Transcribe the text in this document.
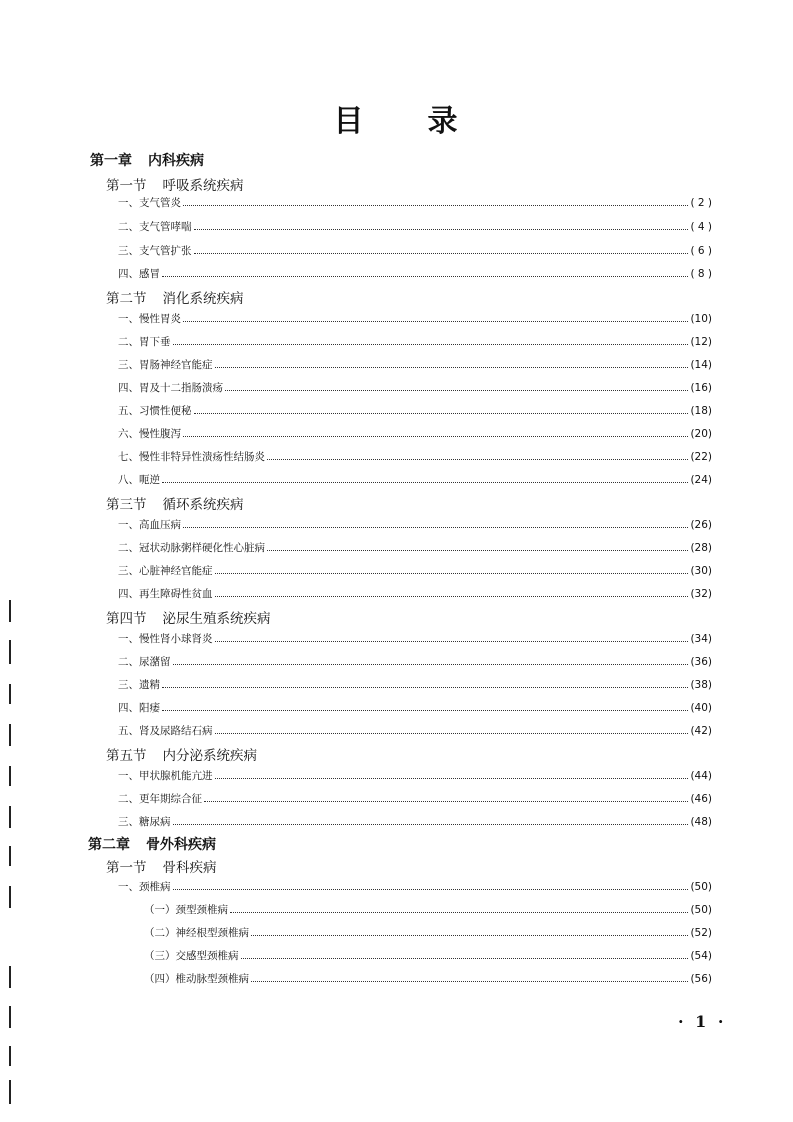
目 录
第一章 内科疾病
第一节 呼吸系统疾病
一、支气管炎	( 2 )
二、支气管哮喘	( 4 )
三、支气管扩张	( 6 )
四、感冒	( 8 )
第二节 消化系统疾病
一、慢性胃炎	(10)
二、胃下垂	(12)
三、胃肠神经官能症	(14)
四、胃及十二指肠溃疡	(16)
五、习惯性便秘	(18)
六、慢性腹泻	(20)
七、慢性非特异性溃疡性结肠炎	(22)
八、呃逆	(24)
第三节 循环系统疾病
一、高血压病	(26)
二、冠状动脉粥样硬化性心脏病	(28)
三、心脏神经官能症	(30)
四、再生障碍性贫血	(32)
第四节 泌尿生殖系统疾病
一、慢性肾小球肾炎	(34)
二、尿潴留	(36)
三、遗精	(38)
四、阳痿	(40)
五、肾及尿路结石病	(42)
第五节 内分泌系统疾病
一、甲状腺机能亢进	(44)
二、更年期综合征	(46)
三、糖尿病	(48)
第二章 骨外科疾病
第一节 骨科疾病
一、颈椎病	(50)
（一）颈型颈椎病	(50)
（二）神经根型颈椎病	(52)
（三）交感型颈椎病	(54)
（四）椎动脉型颈椎病	(56)
· 1 ·
